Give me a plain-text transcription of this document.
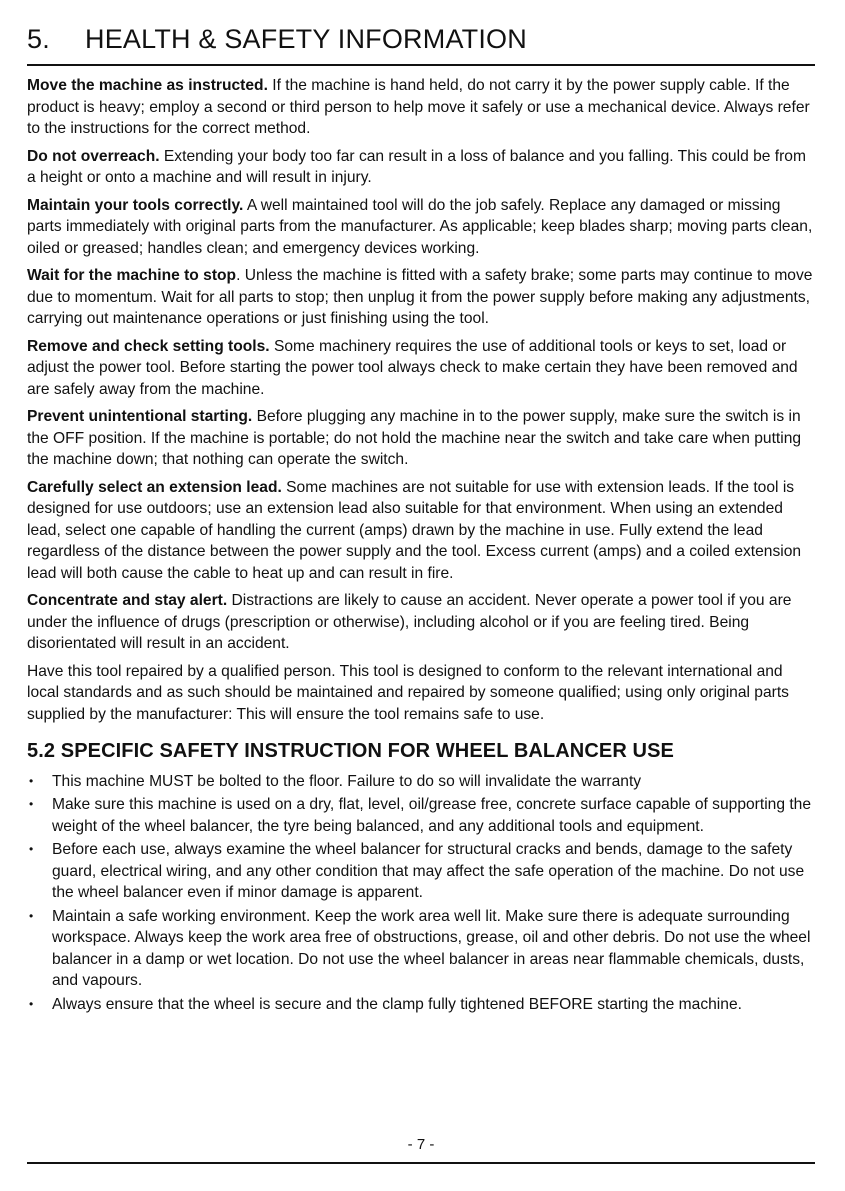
5. HEALTH & SAFETY INFORMATION

Move the machine as instructed. If the machine is hand held, do not carry it by the power supply cable. If the product is heavy; employ a second or third person to help move it safely or use a mechanical device. Always refer to the instructions for the correct method.

Do not overreach. Extending your body too far can result in a loss of balance and you falling. This could be from a height or onto a machine and will result in injury.

Maintain your tools correctly. A well maintained tool will do the job safely. Replace any damaged or missing parts immediately with original parts from the manufacturer. As applicable; keep blades sharp; moving parts clean, oiled or greased; handles clean; and emergency devices working.

Wait for the machine to stop. Unless the machine is fitted with a safety brake; some parts may continue to move due to momentum. Wait for all parts to stop; then unplug it from the power supply before making any adjustments, carrying out maintenance operations or just finishing using the tool.

Remove and check setting tools. Some machinery requires the use of additional tools or keys to set, load or adjust the power tool. Before starting the power tool always check to make certain they have been removed and are safely away from the machine.

Prevent unintentional starting. Before plugging any machine in to the power supply, make sure the switch is in the OFF position. If the machine is portable; do not hold the machine near the switch and take care when putting the machine down; that nothing can operate the switch.

Carefully select an extension lead. Some machines are not suitable for use with extension leads. If the tool is designed for use outdoors; use an extension lead also suitable for that environment. When using an extended lead, select one capable of handling the current (amps) drawn by the machine in use. Fully extend the lead regardless of the distance between the power supply and the tool. Excess current (amps) and a coiled extension lead will both cause the cable to heat up and can result in fire.

Concentrate and stay alert. Distractions are likely to cause an accident. Never operate a power tool if you are under the influence of drugs (prescription or otherwise), including alcohol or if you are feeling tired. Being disorientated will result in an accident.

Have this tool repaired by a qualified person. This tool is designed to conform to the relevant international and local standards and as such should be maintained and repaired by someone qualified; using only original parts supplied by the manufacturer: This will ensure the tool remains safe to use.

5.2 SPECIFIC SAFETY INSTRUCTION FOR WHEEL BALANCER USE
• This machine MUST be bolted to the floor. Failure to do so will invalidate the warranty
• Make sure this machine is used on a dry, flat, level, oil/grease free, concrete surface capable of supporting the weight of the wheel balancer, the tyre being balanced, and any additional tools and equipment.
• Before each use, always examine the wheel balancer for structural cracks and bends, damage to the safety guard, electrical wiring, and any other condition that may affect the safe operation of the machine. Do not use the wheel balancer even if minor damage is apparent.
• Maintain a safe working environment. Keep the work area well lit. Make sure there is adequate surrounding workspace. Always keep the work area free of obstructions, grease, oil and other debris. Do not use the wheel balancer in a damp or wet location. Do not use the wheel balancer in areas near flammable chemicals, dusts, and vapours.
• Always ensure that the wheel is secure and the clamp fully tightened BEFORE starting the machine.
- 7 -
